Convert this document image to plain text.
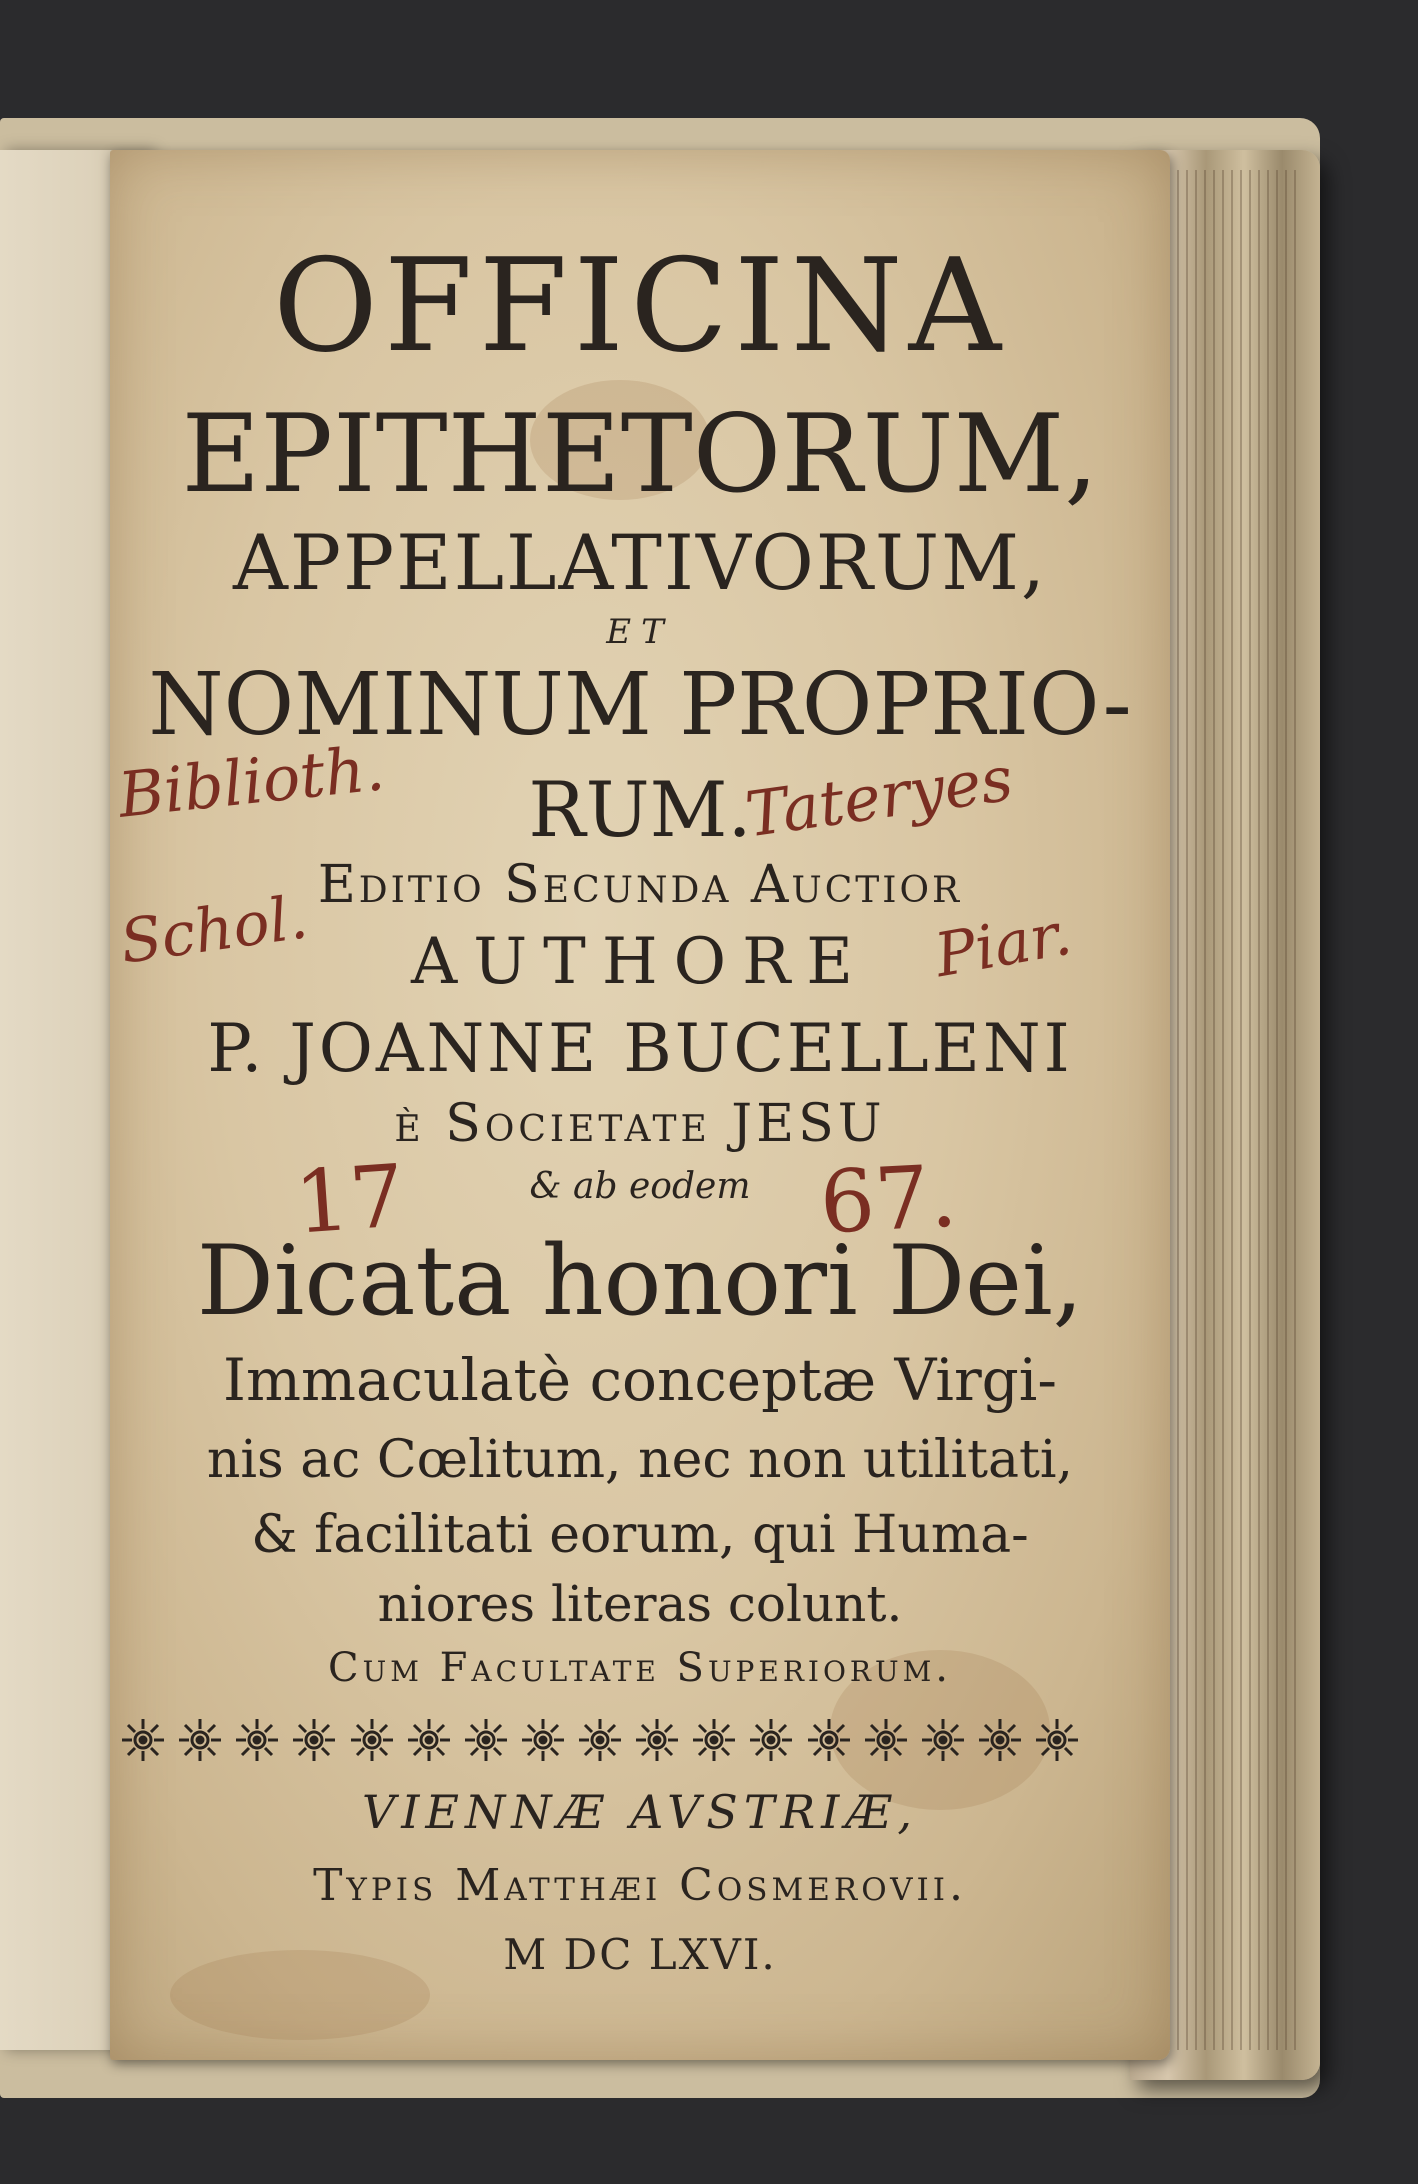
OFFICINA
EPITHETORUM,
APPELLATIVORUM,
ET
NOMINUM PROPRIO-
RUM.
Editio Secunda Auctior
AUTHORE
P. JOANNE BUCELLENI
è Societate JESU
& ab eodem
Dicata honori Dei,
Immaculatè conceptæ Virgi-
nis ac Cœlitum, nec non utilitati,
& facilitati eorum, qui Huma-
niores literas colunt.
Cum Facultate Superiorum.
VIENNÆ AVSTRIÆ,
Typis Matthæi Cosmerovii.
M DC LXVI.
Biblioth.	Tateryes
Schol.	Piar.
17	67.
